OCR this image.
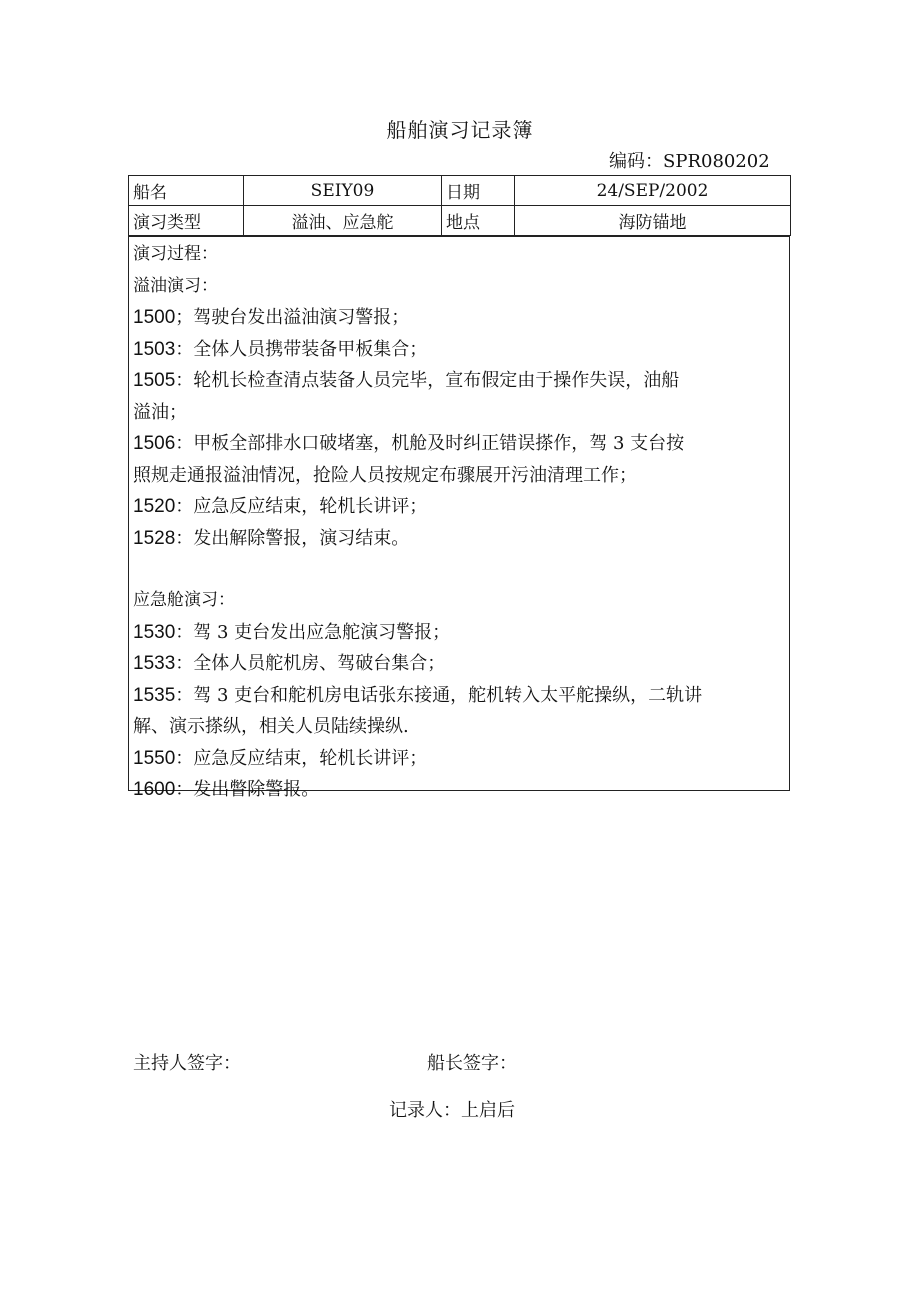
船舶演习记录簿
编码：SPR080202
船名	SEIY09	日期	24/SEP/2002
演习类型	溢油、应急舵	地点	海防锚地
演习过程：
溢油演习：
1500；驾驶台发出溢油演习警报；
1503：全体人员携带装备甲板集合；
1505：轮机长检查清点装备人员完毕，宣布假定由于操作失误，油船
溢油；
1506：甲板全部排水口破堵塞，机舱及时纠正错误搽作，驾 3 支台按
照规走通报溢油情况，抢险人员按规定布骤展开污油清理工作；
1520：应急反应结束，轮机长讲评；
1528：发出解除警报，演习结束。
应急舱演习：
1530：驾 3 吏台发出应急舵演习警报；
1533：全体人员舵机房、驾破台集合；
1535：驾 3 吏台和舵机房电话张东接通，舵机转入太平舵操纵，二轨讲
解、演示搽纵，相关人员陆续操纵.
1550：应急反应结束，轮机长讲评；
1600：发出瞥除警报。
主持人签字：	船长签字：
记录人：上启后
